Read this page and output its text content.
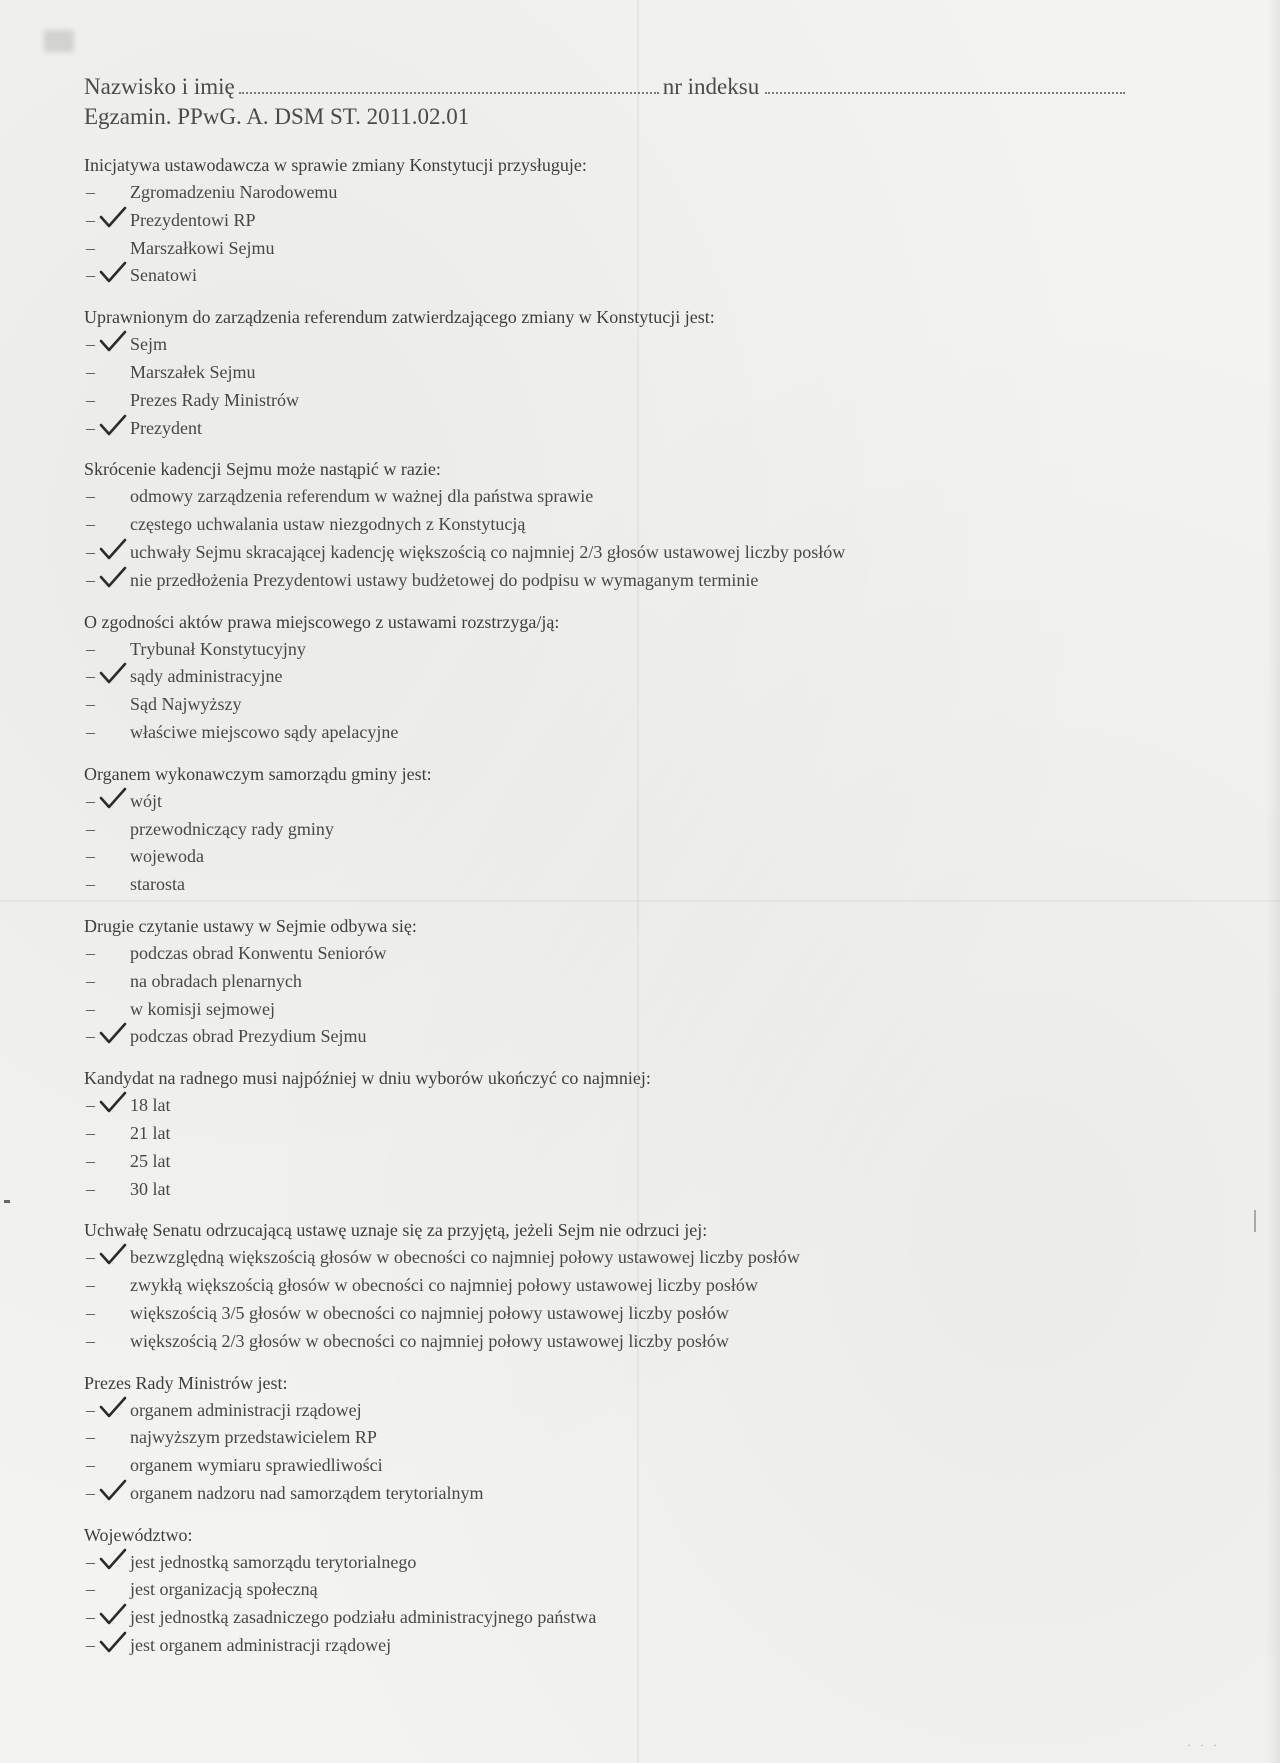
Nazwisko i imię	nr indeksu
Egzamin. PPwG. A. DSM ST. 2011.02.01
Inicjatywa ustawodawcza w sprawie zmiany Konstytucji przysługuje:
–	Zgromadzeniu Narodowemu
–	Prezydentowi RP
–	Marszałkowi Sejmu
–	Senatowi
Uprawnionym do zarządzenia referendum zatwierdzającego zmiany w Konstytucji jest:
–	Sejm
–	Marszałek Sejmu
–	Prezes Rady Ministrów
–	Prezydent
Skrócenie kadencji Sejmu może nastąpić w razie:
–	odmowy zarządzenia referendum w ważnej dla państwa sprawie
–	częstego uchwalania ustaw niezgodnych z Konstytucją
–	uchwały Sejmu skracającej kadencję większością co najmniej 2/3 głosów ustawowej liczby posłów
–	nie przedłożenia Prezydentowi ustawy budżetowej do podpisu w wymaganym terminie
O zgodności aktów prawa miejscowego z ustawami rozstrzyga/ją:
–	Trybunał Konstytucyjny
–	sądy administracyjne
–	Sąd Najwyższy
–	właściwe miejscowo sądy apelacyjne
Organem wykonawczym samorządu gminy jest:
–	wójt
–	przewodniczący rady gminy
–	wojewoda
–	starosta
Drugie czytanie ustawy w Sejmie odbywa się:
–	podczas obrad Konwentu Seniorów
–	na obradach plenarnych
–	w komisji sejmowej
–	podczas obrad Prezydium Sejmu
Kandydat na radnego musi najpóźniej w dniu wyborów ukończyć co najmniej:
–	18 lat
–	21 lat
–	25 lat
–	30 lat
Uchwałę Senatu odrzucającą ustawę uznaje się za przyjętą, jeżeli Sejm nie odrzuci jej:
–	bezwzględną większością głosów w obecności co najmniej połowy ustawowej liczby posłów
–	zwykłą większością głosów w obecności co najmniej połowy ustawowej liczby posłów
–	większością 3/5 głosów w obecności co najmniej połowy ustawowej liczby posłów
–	większością 2/3 głosów w obecności co najmniej połowy ustawowej liczby posłów
Prezes Rady Ministrów jest:
–	organem administracji rządowej
–	najwyższym przedstawicielem RP
–	organem wymiaru sprawiedliwości
–	organem nadzoru nad samorządem terytorialnym
Województwo:
–	jest jednostką samorządu terytorialnego
–	jest organizacją społeczną
–	jest jednostką zasadniczego podziału administracyjnego państwa
–	jest organem administracji rządowej
· · ·
